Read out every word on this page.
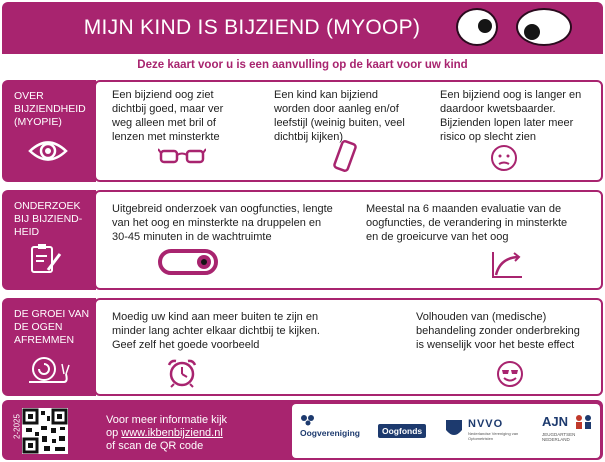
MIJN KIND IS BIJZIEND (MYOOP)
Deze kaart voor u is een aanvulling op de kaart voor uw kind
OVER
BIJZIENDHEID
(MYOPIE)
Een bijziend oog ziet
dichtbij goed, maar ver
weg alleen met bril of
lenzen met minsterkte
Een kind kan bijziend
worden door aanleg en/of
leefstijl (weinig buiten, veel
dichtbij kijken)
Een bijziend oog is langer en
daardoor kwetsbaarder.
Bijzienden lopen later meer
risico op slecht zien
ONDERZOEK
BIJ BIJZIEND-
HEID
Uitgebreid onderzoek van oogfuncties, lengte
van het oog en minsterkte na druppelen en
30-45 minuten in de wachtruimte
Meestal na 6 maanden evaluatie van de
oogfuncties, de verandering in minsterkte
en de groeicurve van het oog
DE GROEI VAN
DE OGEN
AFREMMEN
Moedig uw kind aan meer buiten te zijn en
minder lang achter elkaar dichtbij te kijken.
Geef zelf het goede voorbeeld
Volhouden van (medische)
behandeling zonder onderbreking
is wenselijk voor het beste effect
2-2025	Voor meer informatie kijk
op www.ikbenbijziend.nl
of scan de QR code
Oogvereniging	Oogfonds
NVVO
Nederlandse Vereniging van Optometristen
AJN
JEUGDARTSEN NEDERLAND
